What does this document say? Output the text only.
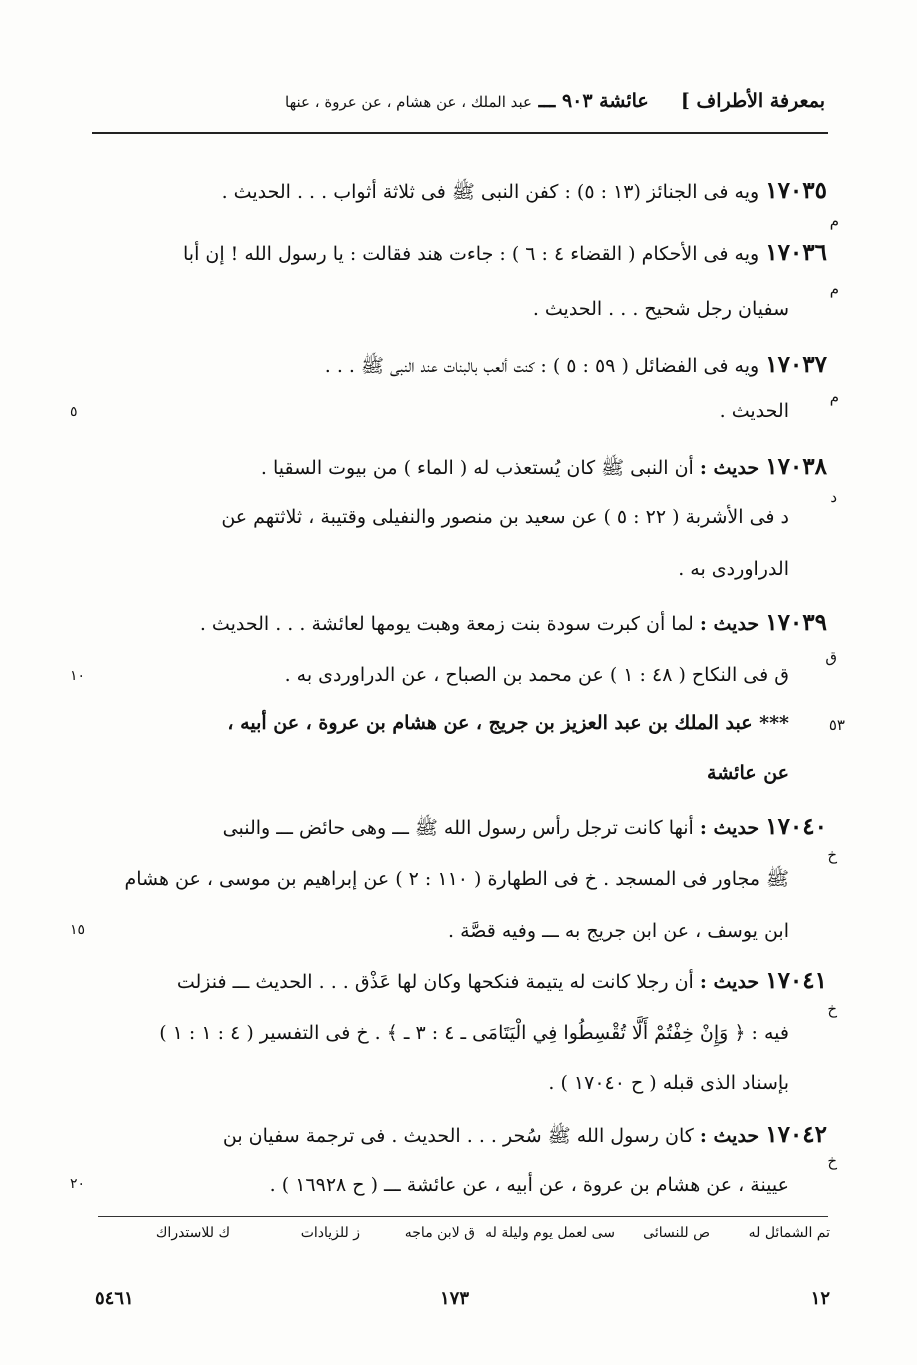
بمعرفة الأطراف ]
عائشة ٩٠٣ ـــ عبد الملك ، عن هشام ، عن عروة ، عنها
١٧٠٣٥ ويه فى الجنائز (١٣ : ٥) : كفن النبى ﷺ فى ثلاثة أثواب . . . الحديث .
م
١٧٠٣٦ ويه فى الأحكام ( القضاء ٤ : ٦ ) : جاءت هند فقالت : يا رسول الله ! إن أبا
م
سفيان رجل شحيح . . . الحديث .
١٧٠٣٧ ويه فى الفضائل ( ٥٩ : ٥ ) : كنت ألعب بالبنات عند النبى ﷺ . . .
م
الحديث .
٥
١٧٠٣٨ حديث : أن النبى ﷺ كان يُستعذب له ( الماء ) من بيوت السقيا .
د
د فى الأشربة ( ٢٢ : ٥ ) عن سعيد بن منصور والنفيلى وقتيبة ، ثلاثتهم عن
الدراوردى به .
١٧٠٣٩ حديث : لما أن كبرت سودة بنت زمعة وهبت يومها لعائشة . . . الحديث .
ق
ق فى النكاح ( ٤٨ : ١ ) عن محمد بن الصباح ، عن الدراوردى به .
١٠
٥٣
*** عبد الملك بن عبد العزيز بن جريج ، عن هشام بن عروة ، عن أبيه ،
عن عائشة
١٧٠٤٠ حديث : أنها كانت ترجل رأس رسول الله ﷺ ـــ وهى حائض ـــ والنبى
خ
ﷺ مجاور فى المسجد . خ فى الطهارة ( ١١٠ : ٢ ) عن إبراهيم بن موسى ، عن هشام
ابن يوسف ، عن ابن جريج به ـــ وفيه قصَّة .
١٥
١٧٠٤١ حديث : أن رجلا كانت له يتيمة فنكحها وكان لها عَذْق . . . الحديث ـــ فنزلت
خ
فيه : ﴿ وَإِنْ خِفْتُمْ أَلَّا تُقْسِطُوا فِي الْيَتَامَى ـ ٤ : ٣ ـ ﴾ . خ فى التفسير ( ٤ : ١ : ١ )
بإسناد الذى قبله ( ح ١٧٠٤٠ ) .
١٧٠٤٢ حديث : كان رسول الله ﷺ سُحر . . . الحديث . فى ترجمة سفيان بن
خ
عيينة ، عن هشام بن عروة ، عن أبيه ، عن عائشة ـــ ( ح ١٦٩٢٨ ) .
٢٠
تم الشمائل له
ص للنسائى
سى لعمل يوم وليلة له
ق لابن ماجه
ز للزيادات
ك للاستدراك
١٢
١٧٣
٥٤٦١
